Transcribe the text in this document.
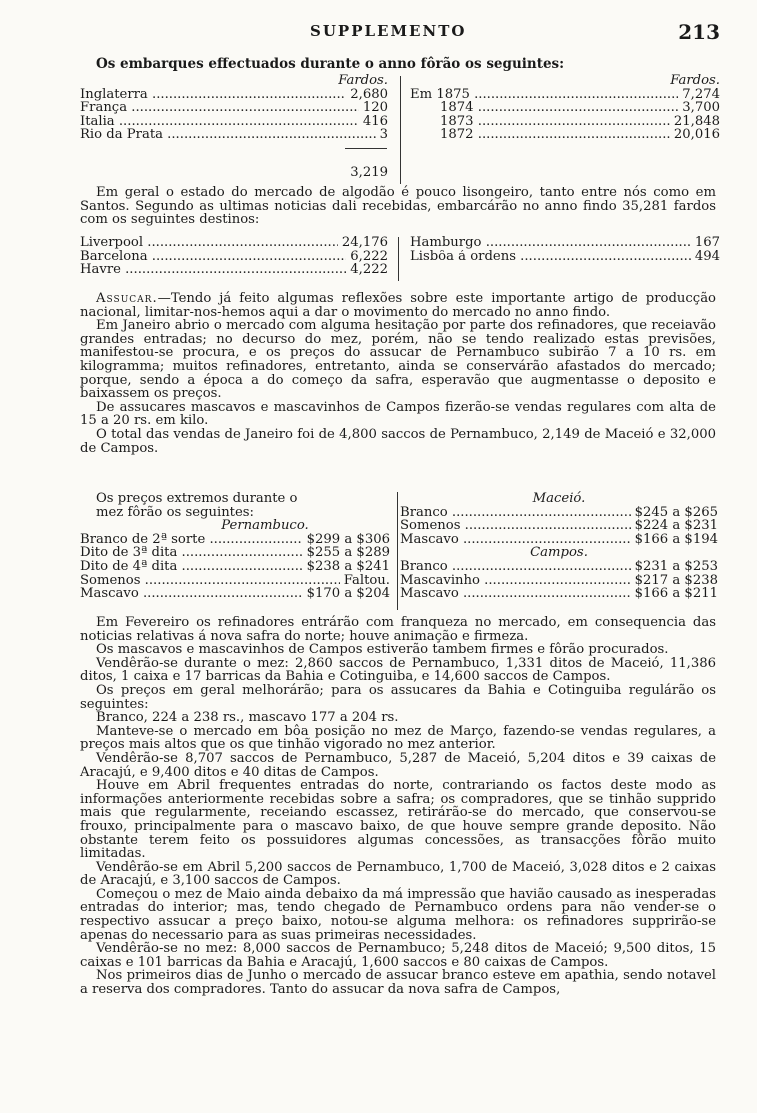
SUPPLEMENTO	213
Os embarques effectuados durante o anno fôrão os seguintes:
Fardos.
Inglaterra .....	2,680
França .....	120
Italia .....	416
Rio da Prata .....	3
3,219
Fardos.
Em 1875 .....	7,274
1874 .....	3,700
1873 .....	21,848
1872 .....	20,016

Em geral o estado do mercado de algodão é pouco lisongeiro, tanto entre nós como em Santos. Segundo as ultimas noticias dali recebidas, embarcárão no anno findo 35,281 fardos com os seguintes destinos:

Liverpool .....	24,176
Barcelona .....	6,222
Havre .....	4,222
Hamburgo .....	167
Lisbôa á ordens .....	494

Assucar.—Tendo já feito algumas reflexões sobre este importante artigo de producção nacional, limitar-nos-hemos aqui a dar o movimento do mercado no anno findo.

Em Janeiro abrio o mercado com alguma hesitação por parte dos refinadores, que receiavão grandes entradas; no decurso do mez, porém, não se tendo realizado estas previsões, manifestou-se procura, e os preços do assucar de Pernambuco subirão 7 a 10 rs. em kilogramma; muitos refinadores, entretanto, ainda se conservárão afastados do mercado; porque, sendo a época a do começo da safra, esperavão que augmentasse o deposito e baixassem os preços.

De assucares mascavos e mascavinhos de Campos fizerão-se vendas regulares com alta de 15 a 20 rs. em kilo.

O total das vendas de Janeiro foi de 4,800 saccos de Pernambuco, 2,149 de Maceió e 32,000 de Campos.

Os preços extremos durante o mez fôrão os seguintes:
Pernambuco.
Branco de 2ª sorte .....	$299 a $306
Dito de 3ª dita .....	$255 a $289
Dito de 4ª dita .....	$238 a $241
Somenos .....	Faltou.
Mascavo .....	$170 a $204
Maceió.
Branco .....	$245 a $265
Somenos .....	$224 a $231
Mascavo .....	$166 a $194
Campos.
Branco .....	$231 a $253
Mascavinho .....	$217 a $238
Mascavo .....	$166 a $211

Em Fevereiro os refinadores entrárão com franqueza no mercado, em consequencia das noticias relativas á nova safra do norte; houve animação e firmeza.

Os mascavos e mascavinhos de Campos estiverão tambem firmes e fôrão procurados.

Vendêrão-se durante o mez: 2,860 saccos de Pernambuco, 1,331 ditos de Maceió, 11,386 ditos, 1 caixa e 17 barricas da Bahia e Cotinguiba, e 14,600 saccos de Campos.

Os preços em geral melhorárão; para os assucares da Bahia e Cotinguiba regulárão os seguintes:

Branco, 224 a 238 rs., mascavo 177 a 204 rs.

Manteve-se o mercado em bôa posição no mez de Março, fazendo-se vendas regulares, a preços mais altos que os que tinhão vigorado no mez anterior.

Vendêrão-se 8,707 saccos de Pernambuco, 5,287 de Maceió, 5,204 ditos e 39 caixas de Aracajú, e 9,400 ditos e 40 ditas de Campos.

Houve em Abril frequentes entradas do norte, contrariando os factos deste modo as informações anteriormente recebidas sobre a safra; os compradores, que se tinhão supprido mais que regularmente, receiando escassez, retirárão-se do mercado, que conservou-se frouxo, principalmente para o mascavo baixo, de que houve sempre grande deposito. Não obstante terem feito os possuidores algumas concessões, as transacções fôrão muito limitadas.

Vendêrão-se em Abril 5,200 saccos de Pernambuco, 1,700 de Maceió, 3,028 ditos e 2 caixas de Aracajú, e 3,100 saccos de Campos.

Começou o mez de Maio ainda debaixo da má impressão que havião causado as inesperadas entradas do interior; mas, tendo chegado de Pernambuco ordens para não vender-se o respectivo assucar a preço baixo, notou-se alguma melhora: os refinadores supprirão-se apenas do necessario para as suas primeiras necessidades.

Vendêrão-se no mez: 8,000 saccos de Pernambuco; 5,248 ditos de Maceió; 9,500 ditos, 15 caixas e 101 barricas da Bahia e Aracajú, 1,600 saccos e 80 caixas de Campos.

Nos primeiros dias de Junho o mercado de assucar branco esteve em apathia, sendo notavel a reserva dos compradores. Tanto do assucar da nova safra de Campos,
